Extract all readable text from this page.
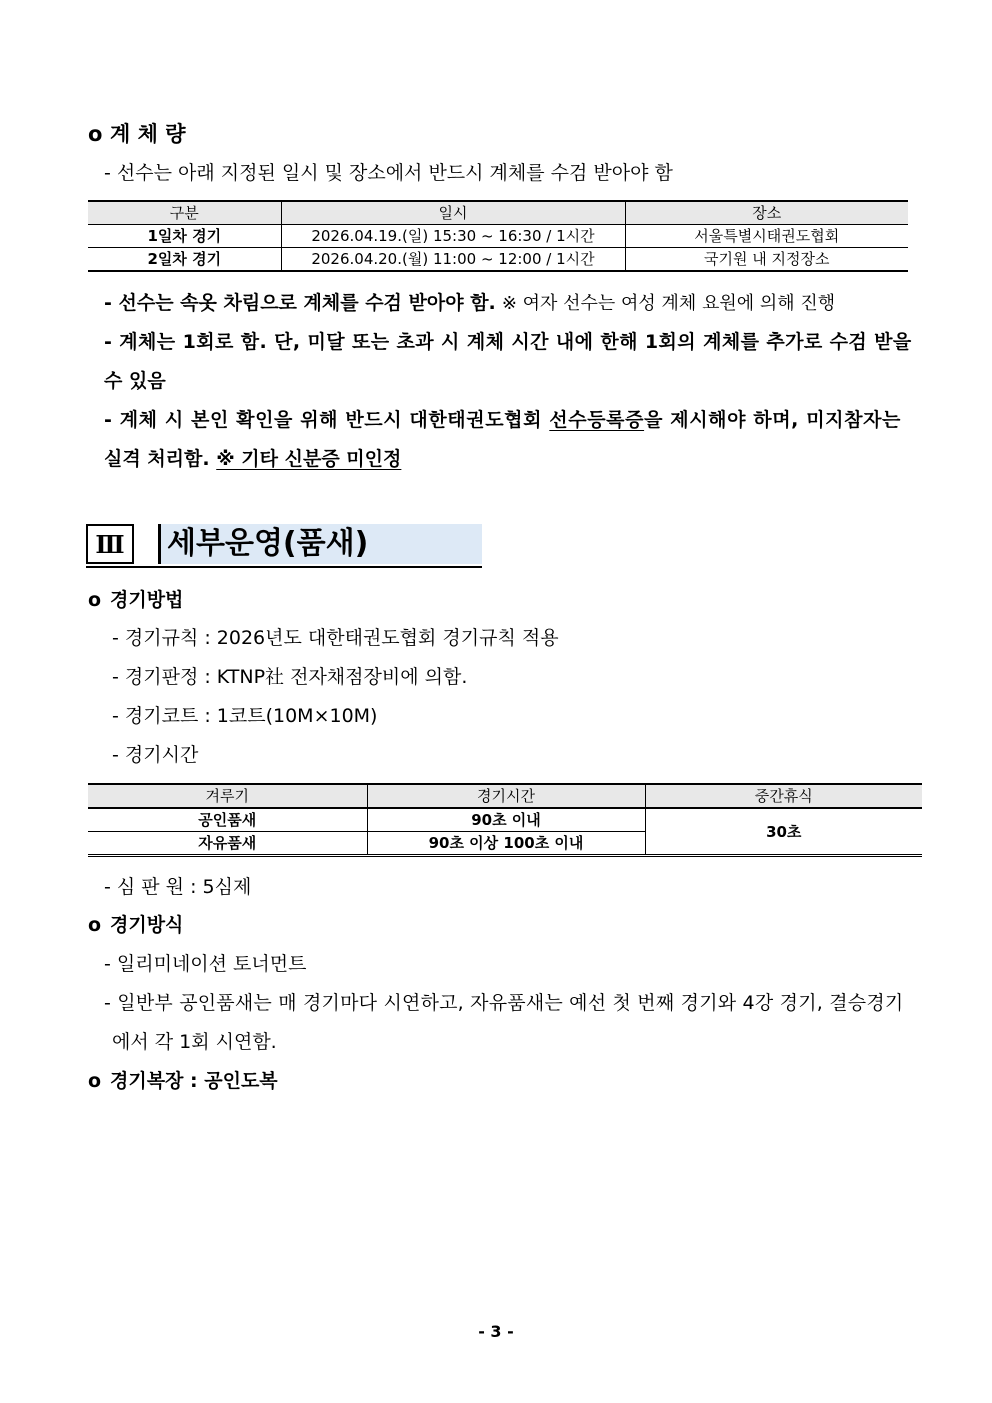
o 계 체 량
- 선수는 아래 지정된 일시 및 장소에서 반드시 계체를 수검 받아야 함
구분	일시	장소
1일차 경기	2026.04.19.(일) 15:30 ~ 16:30 / 1시간	서울특별시태권도협회
2일차 경기	2026.04.20.(월) 11:00 ~ 12:00 / 1시간	국기원 내 지정장소
- 선수는 속옷 차림으로 계체를 수검 받아야 함. ※ 여자 선수는 여성 계체 요원에 의해 진행
- 계체는 1회로 함. 단, 미달 또는 초과 시 계체 시간 내에 한해 1회의 계체를 추가로 수검 받을
수 있음
- 계체 시 본인 확인을 위해 반드시 대한태권도협회 선수등록증을 제시해야 하며, 미지참자는
실격 처리함. ※ 기타 신분증 미인정
Ⅲ	세부운영(품새)
o 경기방법
- 경기규칙 : 2026년도 대한태권도협회 경기규칙 적용
- 경기판정 : KTNP社 전자채점장비에 의함.
- 경기코트 : 1코트(10M×10M)
- 경기시간
겨루기	경기시간	중간휴식
공인품새	90초 이내	30초
자유품새	90초 이상 100초 이내	
- 심 판 원 : 5심제
o 경기방식
- 일리미네이션 토너먼트
- 일반부 공인품새는 매 경기마다 시연하고, 자유품새는 예선 첫 번째 경기와 4강 경기, 결승경기
에서 각 1회 시연함.
o 경기복장 : 공인도복
- 3 -
